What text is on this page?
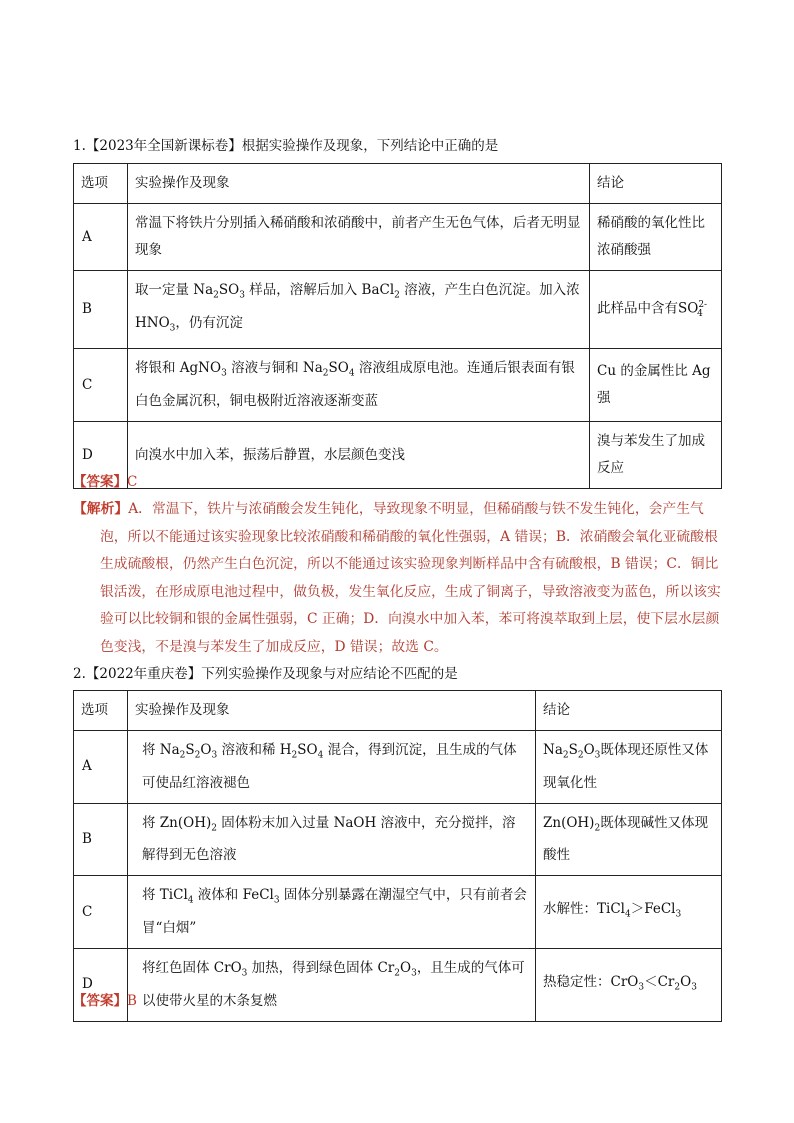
1.【2023年全国新课标卷】根据实验操作及现象，下列结论中正确的是
选项	实验操作及现象	结论
A	常温下将铁片分别插入稀硝酸和浓硝酸中，前者产生无色气体，后者无明显现象	稀硝酸的氧化性比浓硝酸强
B	取一定量 $Na_2SO_3$ 样品，溶解后加入 BaCl$_2$ 溶液，产生白色沉淀。加入浓 $HNO_3$，仍有沉淀	此样品中含有$SO^{2-}_4$
C	将银和 AgNO$_3$ 溶液与铜和 $Na_2SO_4$ 溶液组成原电池。连通后银表面有银白色金属沉积，铜电极附近溶液逐渐变蓝	Cu 的金属性比 Ag 强
D	向溴水中加入苯，振荡后静置，水层颜色变浅	溴与苯发生了加成反应
【答案】C
【解析】A．常温下，铁片与浓硝酸会发生钝化，导致现象不明显，但稀硝酸与铁不发生钝化，会产生气泡，所以不能通过该实验现象比较浓硝酸和稀硝酸的氧化性强弱，A 错误；B．浓硝酸会氧化亚硫酸根生成硫酸根，仍然产生白色沉淀，所以不能通过该实验现象判断样品中含有硫酸根，B 错误；C．铜比银活泼，在形成原电池过程中，做负极，发生氧化反应，生成了铜离子，导致溶液变为蓝色，所以该实验可以比较铜和银的金属性强弱，C 正确；D．向溴水中加入苯，苯可将溴萃取到上层，使下层水层颜色变浅，不是溴与苯发生了加成反应，D 错误；故选 C。
2.【2022年重庆卷】下列实验操作及现象与对应结论不匹配的是
选项	实验操作及现象	结论
A	将 $Na_2S_2O_3$ 溶液和稀 $H_2SO_4$ 混合，得到沉淀，且生成的气体可使品红溶液褪色	$Na_2S_2O_3$既体现还原性又体现氧化性
B	将 $Zn(OH)_2$ 固体粉末加入过量 NaOH 溶液中，充分搅拌，溶解得到无色溶液	$Zn(OH)_2$既体现碱性又体现酸性
C	将 TiCl$_4$ 液体和 FeCl$_3$ 固体分别暴露在潮湿空气中，只有前者会冒“白烟”	水解性：TiCl$_4$＞FeCl$_3$
D	将红色固体 CrO$_3$ 加热，得到绿色固体 $Cr_2O_3$，且生成的气体可以使带火星的木条复燃	热稳定性：$CrO_3<Cr_2O_3$
【答案】B
